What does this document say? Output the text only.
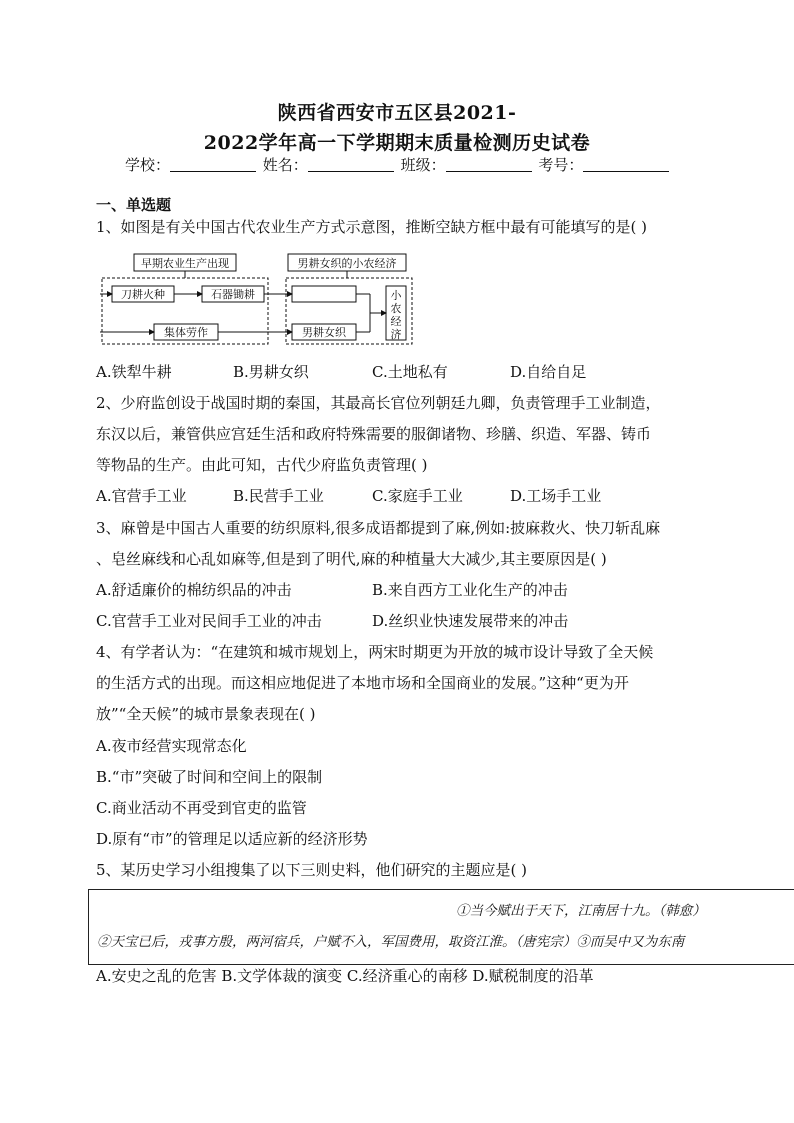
陕西省西安市五区县2021-
2022学年高一下学期期末质量检测历史试卷
学校：	姓名：	班级：	考号：
一、单选题
1、如图是有关中国古代农业生产方式示意图，推断空缺方框中最有可能填写的是( )
早期农业生产出现	男耕女织的小农经济
刀耕火种	石器锄耕
集体劳作	男耕女织
小
农
经
济
A.铁犁牛耕	B.男耕女织	C.土地私有	D.自给自足
2、少府监创设于战国时期的秦国，其最高长官位列朝廷九卿，负责管理手工业制造，
东汉以后，兼管供应宫廷生活和政府特殊需要的服御诸物、珍膳、织造、军器、铸币
等物品的生产。由此可知，古代少府监负责管理( )
A.官营手工业	B.民营手工业	C.家庭手工业	D.工场手工业
3、麻曾是中国古人重要的纺织原料,很多成语都提到了麻,例如:披麻救火、快刀斩乱麻
、皂丝麻线和心乱如麻等,但是到了明代,麻的种植量大大减少,其主要原因是( )
A.舒适廉价的棉纺织品的冲击	B.来自西方工业化生产的冲击
C.官营手工业对民间手工业的冲击	D.丝织业快速发展带来的冲击
4、有学者认为：“在建筑和城市规划上，两宋时期更为开放的城市设计导致了全天候
的生活方式的出现。而这相应地促进了本地市场和全国商业的发展。”这种“更为开
放”“全天候”的城市景象表现在( )
A.夜市经营实现常态化
B.“市”突破了时间和空间上的限制
C.商业活动不再受到官吏的监管
D.原有“市”的管理足以适应新的经济形势
5、某历史学习小组搜集了以下三则史料，他们研究的主题应是( )
①当今赋出于天下，江南居十九。（韩愈）
②天宝已后，戎事方殷，两河宿兵，户赋不入，军国费用，取资江淮。（唐宪宗）③而吴中又为东南
A.安史之乱的危害 B.文学体裁的演变 C.经济重心的南移 D.赋税制度的沿革
